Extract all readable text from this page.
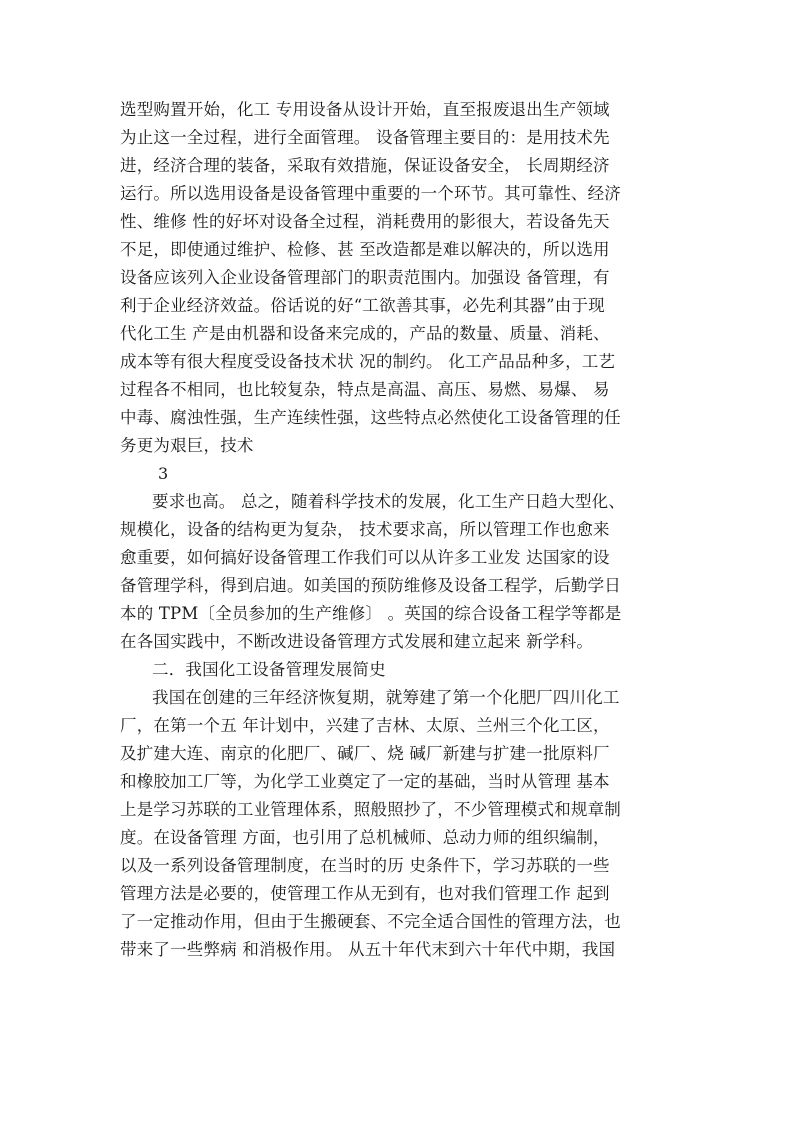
选型购置开始，化工 专用设备从设计开始，直至报废退出生产领域
为止这一全过程，进行全面管理。 设备管理主要目的：是用技术先
进，经济合理的装备，采取有效措施，保证设备安全， 长周期经济
运行。所以选用设备是设备管理中重要的一个环节。其可靠性、经济
性、维修 性的好坏对设备全过程，消耗费用的影很大，若设备先天
不足，即使通过维护、检修、甚 至改造都是难以解决的，所以选用
设备应该列入企业设备管理部门的职责范围内。加强设 备管理，有
利于企业经济效益。俗话说的好“工欲善其事，必先利其器”由于现
代化工生 产是由机器和设备来完成的，产品的数量、质量、消耗、
成本等有很大程度受设备技术状 况的制约。 化工产品品种多，工艺
过程各不相同，也比较复杂，特点是高温、高压、易燃、易爆、 易
中毒、腐浊性强，生产连续性强，这些特点必然使化工设备管理的任
务更为艰巨，技术
3
要求也高。 总之，随着科学技术的发展，化工生产日趋大型化、
规模化，设备的结构更为复杂， 技术要求高，所以管理工作也愈来
愈重要，如何搞好设备管理工作我们可以从许多工业发 达国家的设
备管理学科，得到启迪。如美国的预防维修及设备工程学，后勤学日
本的 TPM〔全员参加的生产维修〕 。英国的综合设备工程学等都是
在各国实践中，不断改进设备管理方式发展和建立起来 新学科。
二．我国化工设备管理发展简史
我国在创建的三年经济恢复期，就筹建了第一个化肥厂四川化工
厂，在第一个五 年计划中，兴建了吉林、太原、兰州三个化工区，
及扩建大连、南京的化肥厂、碱厂、烧 碱厂新建与扩建一批原料厂
和橡胶加工厂等，为化学工业奠定了一定的基础，当时从管理 基本
上是学习苏联的工业管理体系，照般照抄了，不少管理模式和规章制
度。在设备管理 方面，也引用了总机械师、总动力师的组织编制，
以及一系列设备管理制度，在当时的历 史条件下，学习苏联的一些
管理方法是必要的，使管理工作从无到有，也对我们管理工作 起到
了一定推动作用，但由于生搬硬套、不完全适合国性的管理方法，也
带来了一些弊病 和消极作用。 从五十年代末到六十年代中期，我国
